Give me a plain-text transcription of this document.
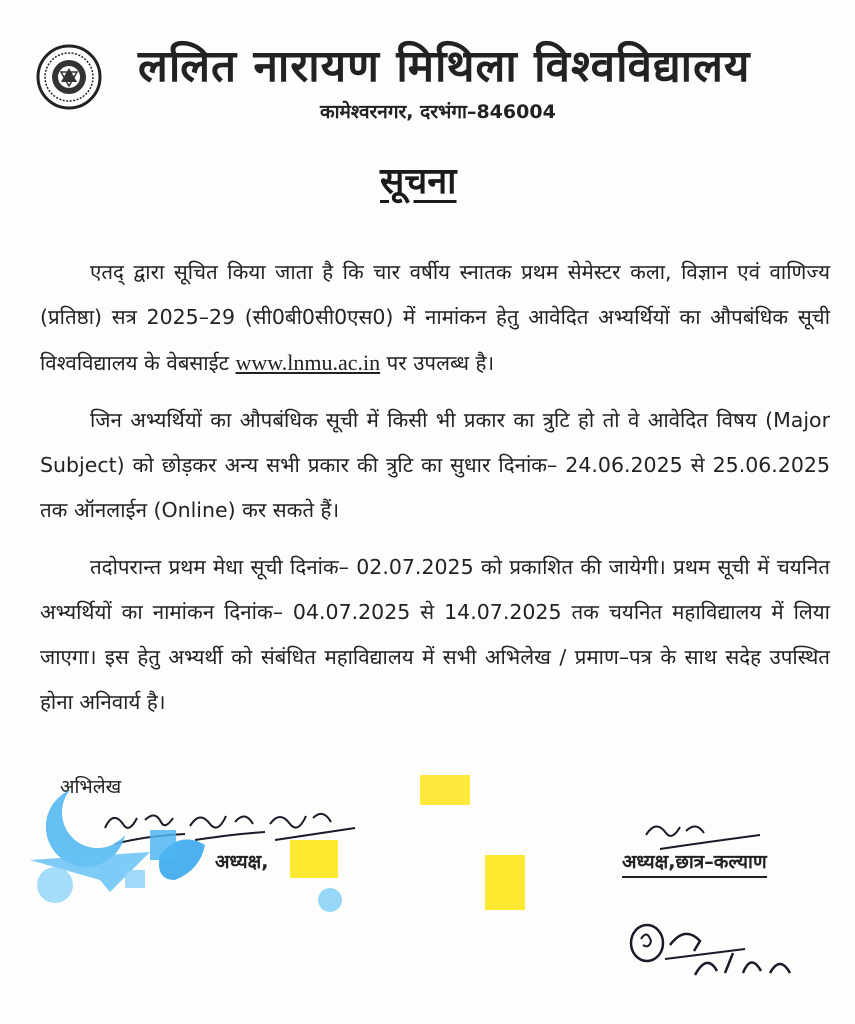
ललित नारायण मिथिला विश्वविद्यालय
कामेश्वरनगर, दरभंगा–846004
सूचना

एतद् द्वारा सूचित किया जाता है कि चार वर्षीय स्नातक प्रथम सेमेस्टर कला, विज्ञान एवं वाणिज्य (प्रतिष्ठा) सत्र 2025–29 (सी0बी0सी0एस0) में नामांकन हेतु आवेदित अभ्यर्थियों का औपबंधिक सूची विश्वविद्यालय के वेबसाईट www.lnmu.ac.in पर उपलब्ध है।

जिन अभ्यर्थियों का औपबंधिक सूची में किसी भी प्रकार का त्रुटि हो तो वे आवेदित विषय (Major Subject) को छोड़कर अन्य सभी प्रकार की त्रुटि का सुधार दिनांक– 24.06.2025 से 25.06.2025 तक ऑनलाईन (Online) कर सकते हैं।

तदोपरान्त प्रथम मेधा सूची दिनांक– 02.07.2025 को प्रकाशित की जायेगी। प्रथम सूची में चयनित अभ्यर्थियों का नामांकन दिनांक– 04.07.2025 से 14.07.2025 तक चयनित महाविद्यालय में लिया जाएगा। इस हेतु अभ्यर्थी को संबंधित महाविद्यालय में सभी अभिलेख / प्रमाण–पत्र के साथ सदेह उपस्थित होना अनिवार्य है।

अभिलेख
अध्यक्ष,	अध्यक्ष,छात्र–कल्याण
